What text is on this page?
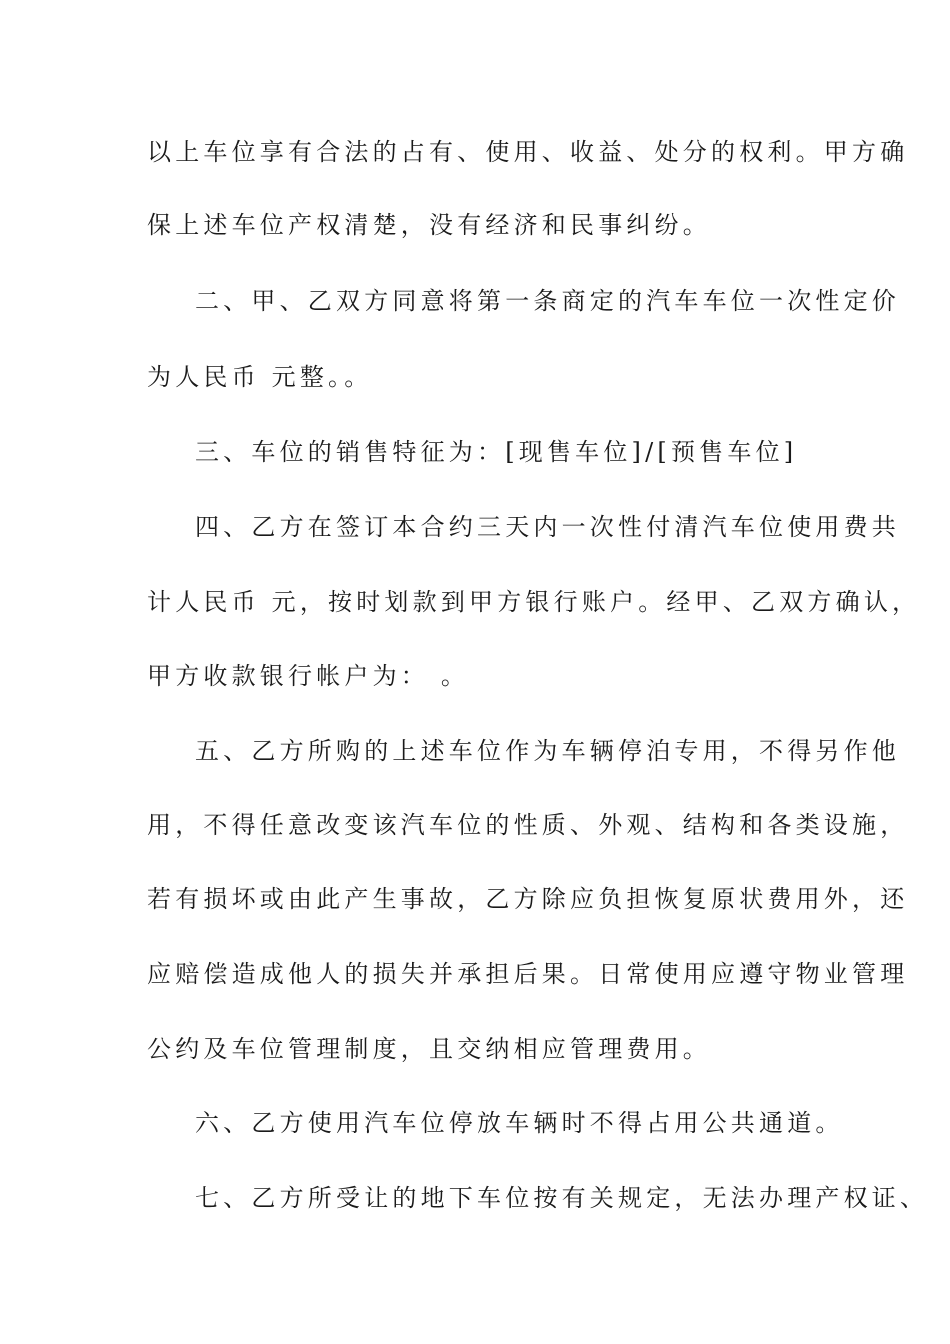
以上车位享有合法的占有、使用、收益、处分的权利。甲方确
保上述车位产权清楚，没有经济和民事纠纷。
二、甲、乙双方同意将第一条商定的汽车车位一次性定价
为人民币 元整。。
三、车位的销售特征为：[现售车位]/[预售车位]
四、乙方在签订本合约三天内一次性付清汽车位使用费共
计人民币 元，按时划款到甲方银行账户。经甲、乙双方确认，
甲方收款银行帐户为： 。
五、乙方所购的上述车位作为车辆停泊专用，不得另作他
用，不得任意改变该汽车位的性质、外观、结构和各类设施，
若有损坏或由此产生事故，乙方除应负担恢复原状费用外，还
应赔偿造成他人的损失并承担后果。日常使用应遵守物业管理
公约及车位管理制度，且交纳相应管理费用。
六、乙方使用汽车位停放车辆时不得占用公共通道。
七、乙方所受让的地下车位按有关规定，无法办理产权证、
